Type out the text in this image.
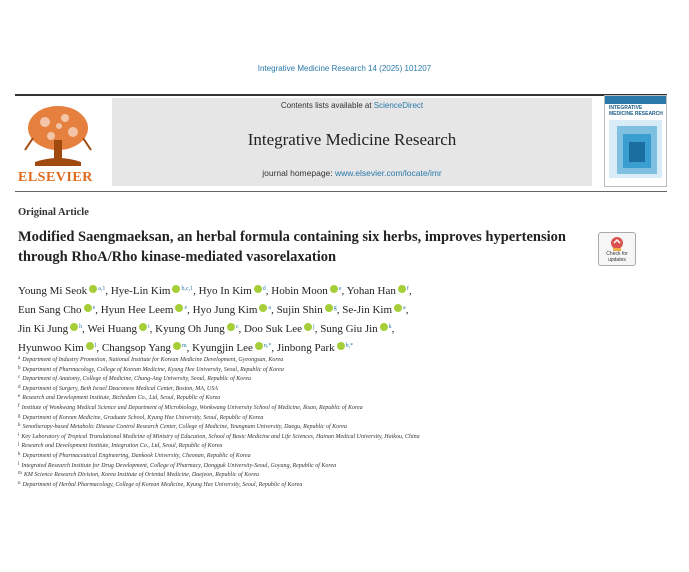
Integrative Medicine Research 14 (2025) 101207
ELSEVIER
Contents lists available at ScienceDirect
Integrative Medicine Research
journal homepage: www.elsevier.com/locate/imr
INTEGRATIVE MEDICINE RESEARCH
Original Article
Modified Saengmaeksan, an herbal formula containing six herbs, improves hypertension through RhoA/Rho kinase-mediated vasorelaxation	Check for updates
Young Mi Seok $^{a,1}$, Hye-Lin Kim $^{b,c,1}$, Hyo In Kim $^d$, Hobin Moon $^e$, Yohan Han $^f$,
Eun Sang Cho $^e$, Hyun Hee Leem $^e$, Hyo Jung Kim $^a$, Sujin Shin $^g$, Se-Jin Kim $^a$,
Jin Ki Jung $^h$, Wei Huang $^i$, Kyung Oh Jung $^c$, Doo Suk Lee $^j$, Sung Giu Jin $^k$,
Hyunwoo Kim $^l$, Changsop Yang $^m$, Kyungjin Lee $^{n,*}$, Jinbong Park $^{b,*}$
$^a$ Department of Industry Promotion, National Institute for Korean Medicine Development, Gyeongsan, Korea
$^b$ Department of Pharmacology, College of Korean Medicine, Kyung Hee University, Seoul, Republic of Korea
$^c$ Department of Anatomy, College of Medicine, Chung-Ang University, Seoul, Republic of Korea
$^d$ Department of Surgery, Beth Israel Deaconess Medical Center, Boston, MA, USA
$^e$ Research and Development Institute, Bichedam Co., Ltd, Seoul, Republic of Korea
$^f$ Institute of Wonkwang Medical Science and Department of Microbiology, Wonkwang University School of Medicine, Iksan, Republic of Korea
$^g$ Department of Korean Medicine, Graduate School, Kyung Hee University, Seoul, Republic of Korea
$^h$ Senotherapy-based Metabolic Disease Control Research Center, College of Medicine, Yeungnam University, Daegu, Republic of Korea
$^i$ Key Laboratory of Tropical Translational Medicine of Ministry of Education, School of Basic Medicine and Life Sciences, Hainan Medical University, Haikou, China
$^j$ Research and Development Institute, Integration Co., Ltd, Seoul, Republic of Korea
$^k$ Department of Pharmaceutical Engineering, Dankook University, Cheonan, Republic of Korea
$^l$ Integrated Research Institute for Drug Development, College of Pharmacy, Dongguk University-Seoul, Goyang, Republic of Korea
$^m$ KM Science Research Division, Korea Institute of Oriental Medicine, Daejeon, Republic of Korea
$^n$ Department of Herbal Pharmacology, College of Korean Medicine, Kyung Hee University, Seoul, Republic of Korea
